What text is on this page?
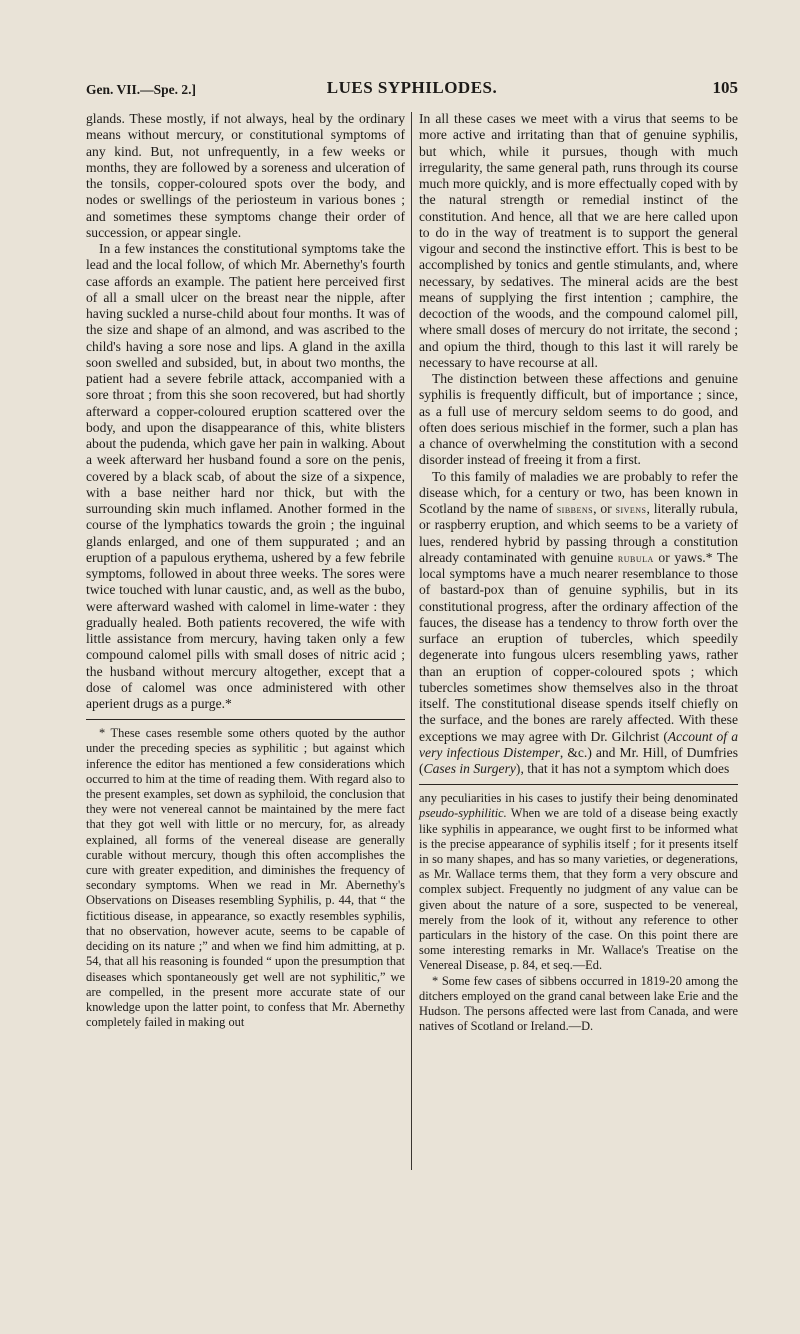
Gen. VII.—Spe. 2.]	LUES SYPHILODES.	105

glands. These mostly, if not always, heal by the ordinary means without mercury, or constitutional symptoms of any kind. But, not unfrequently, in a few weeks or months, they are followed by a soreness and ulceration of the tonsils, copper-coloured spots over the body, and nodes or swellings of the periosteum in various bones ; and sometimes these symptoms change their order of succession, or appear single.

In a few instances the constitutional symptoms take the lead and the local follow, of which Mr. Abernethy's fourth case affords an example. The patient here perceived first of all a small ulcer on the breast near the nipple, after having suckled a nurse-child about four months. It was of the size and shape of an almond, and was ascribed to the child's having a sore nose and lips. A gland in the axilla soon swelled and subsided, but, in about two months, the patient had a severe febrile attack, accompanied with a sore throat ; from this she soon recovered, but had shortly afterward a copper-coloured eruption scattered over the body, and upon the disappearance of this, white blisters about the pudenda, which gave her pain in walking. About a week afterward her husband found a sore on the penis, covered by a black scab, of about the size of a sixpence, with a base neither hard nor thick, but with the surrounding skin much inflamed. Another formed in the course of the lymphatics towards the groin ; the inguinal glands enlarged, and one of them suppurated ; and an eruption of a papulous erythema, ushered by a few febrile symptoms, followed in about three weeks. The sores were twice touched with lunar caustic, and, as well as the bubo, were afterward washed with calomel in lime-water : they gradually healed. Both patients recovered, the wife with little assistance from mercury, having taken only a few compound calomel pills with small doses of nitric acid ; the husband without mercury altogether, except that a dose of calomel was once administered with other aperient drugs as a purge.*

* These cases resemble some others quoted by the author under the preceding species as syphilitic ; but against which inference the editor has mentioned a few considerations which occurred to him at the time of reading them. With regard also to the present examples, set down as syphiloid, the conclusion that they were not venereal cannot be maintained by the mere fact that they got well with little or no mercury, for, as already explained, all forms of the venereal disease are generally curable without mercury, though this often accomplishes the cure with greater expedition, and diminishes the frequency of secondary symptoms. When we read in Mr. Abernethy's Observations on Diseases resembling Syphilis, p. 44, that “ the fictitious disease, in appearance, so exactly resembles syphilis, that no observation, however acute, seems to be capable of deciding on its nature ;” and when we find him admitting, at p. 54, that all his reasoning is founded “ upon the presumption that diseases which spontaneously get well are not syphilitic,” we are compelled, in the present more accurate state of our knowledge upon the latter point, to confess that Mr. Abernethy completely failed in making out

In all these cases we meet with a virus that seems to be more active and irritating than that of genuine syphilis, but which, while it pursues, though with much irregularity, the same general path, runs through its course much more quickly, and is more effectually coped with by the natural strength or remedial instinct of the constitution. And hence, all that we are here called upon to do in the way of treatment is to support the general vigour and second the instinctive effort. This is best to be accomplished by tonics and gentle stimulants, and, where necessary, by sedatives. The mineral acids are the best means of supplying the first intention ; camphire, the decoction of the woods, and the compound calomel pill, where small doses of mercury do not irritate, the second ; and opium the third, though to this last it will rarely be necessary to have recourse at all.

The distinction between these affections and genuine syphilis is frequently difficult, but of importance ; since, as a full use of mercury seldom seems to do good, and often does serious mischief in the former, such a plan has a chance of overwhelming the constitution with a second disorder instead of freeing it from a first.

To this family of maladies we are probably to refer the disease which, for a century or two, has been known in Scotland by the name of sibbens, or sivens, literally rubula, or raspberry eruption, and which seems to be a variety of lues, rendered hybrid by passing through a constitution already contaminated with genuine rubula or yaws.* The local symptoms have a much nearer resemblance to those of bastard-pox than of genuine syphilis, but in its constitutional progress, after the ordinary affection of the fauces, the disease has a tendency to throw forth over the surface an eruption of tubercles, which speedily degenerate into fungous ulcers resembling yaws, rather than an eruption of copper-coloured spots ; which tubercles sometimes show themselves also in the throat itself. The constitutional disease spends itself chiefly on the surface, and the bones are rarely affected. With these exceptions we may agree with Dr. Gilchrist (Account of a very infectious Distemper, &c.) and Mr. Hill, of Dumfries (Cases in Surgery), that it has not a symptom which does

any peculiarities in his cases to justify their being denominated pseudo-syphilitic. When we are told of a disease being exactly like syphilis in appearance, we ought first to be informed what is the precise appearance of syphilis itself ; for it presents itself in so many shapes, and has so many varieties, or degenerations, as Mr. Wallace terms them, that they form a very obscure and complex subject. Frequently no judgment of any value can be given about the nature of a sore, suspected to be venereal, merely from the look of it, without any reference to other particulars in the history of the case. On this point there are some interesting remarks in Mr. Wallace's Treatise on the Venereal Disease, p. 84, et seq.—Ed.

* Some few cases of sibbens occurred in 1819-20 among the ditchers employed on the grand canal between lake Erie and the Hudson. The persons affected were last from Canada, and were natives of Scotland or Ireland.—D.
